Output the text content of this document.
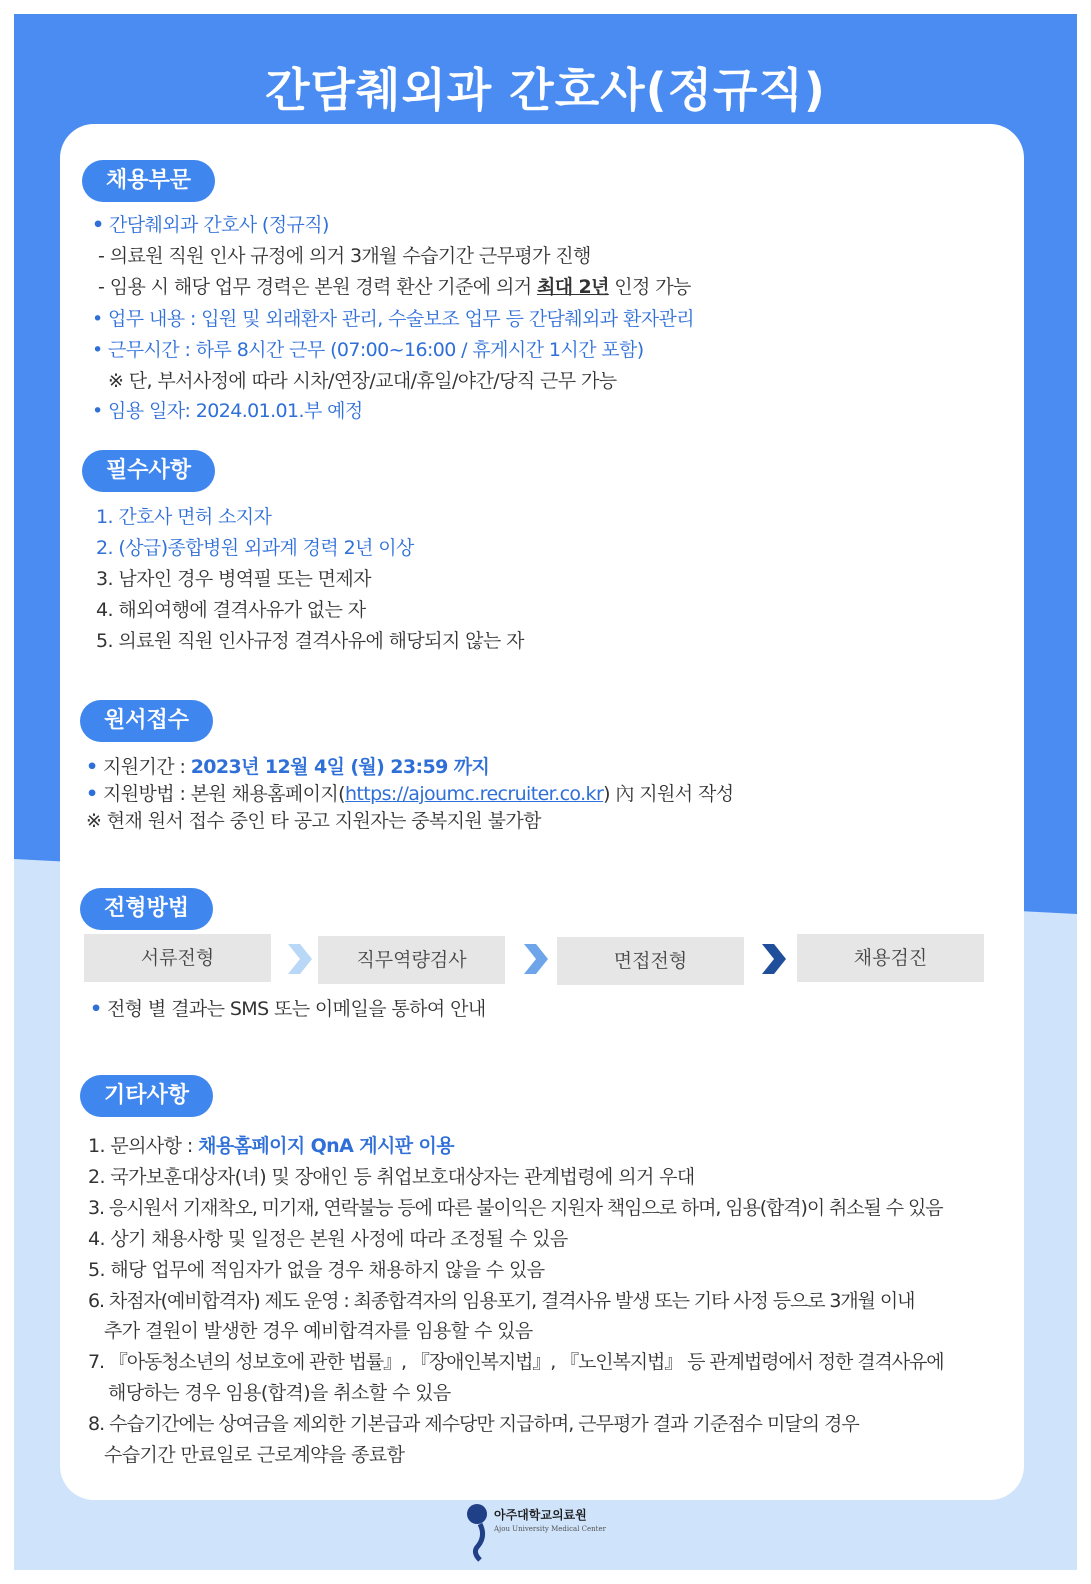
간담췌외과 간호사(정규직)
채용부문
• 간담췌외과 간호사 (정규직)
- 의료원 직원 인사 규정에 의거 3개월 수습기간 근무평가 진행
- 임용 시 해당 업무 경력은 본원 경력 환산 기준에 의거 최대 2년 인정 가능
• 업무 내용 : 입원 및 외래환자 관리, 수술보조 업무 등 간담췌외과 환자관리
• 근무시간 : 하루 8시간 근무 (07:00~16:00 / 휴게시간 1시간 포함)
※ 단, 부서사정에 따라 시차/연장/교대/휴일/야간/당직 근무 가능
• 임용 일자: 2024.01.01.부 예정
필수사항
1. 간호사 면허 소지자
2. (상급)종합병원 외과계 경력 2년 이상
3. 남자인 경우 병역필 또는 면제자
4. 해외여행에 결격사유가 없는 자
5. 의료원 직원 인사규정 결격사유에 해당되지 않는 자
원서접수
• 지원기간 : 2023년 12월 4일 (월) 23:59 까지
• 지원방법 : 본원 채용홈페이지(https://ajoumc.recruiter.co.kr) 內 지원서 작성
※ 현재 원서 접수 중인 타 공고 지원자는 중복지원 불가함
전형방법
서류전형	직무역량검사	면접전형	채용검진
• 전형 별 결과는 SMS 또는 이메일을 통하여 안내
기타사항
1. 문의사항 : 채용홈페이지 QnA 게시판 이용
2. 국가보훈대상자(녀) 및 장애인 등 취업보호대상자는 관계법령에 의거 우대
3. 응시원서 기재착오, 미기재, 연락불능 등에 따른 불이익은 지원자 책임으로 하며, 임용(합격)이 취소될 수 있음
4. 상기 채용사항 및 일정은 본원 사정에 따라 조정될 수 있음
5. 해당 업무에 적임자가 없을 경우 채용하지 않을 수 있음
6. 차점자(예비합격자) 제도 운영 : 최종합격자의 임용포기, 결격사유 발생 또는 기타 사정 등으로 3개월 이내
추가 결원이 발생한 경우 예비합격자를 임용할 수 있음
7. 『아동청소년의 성보호에 관한 법률』, 『장애인복지법』, 『노인복지법』 등 관계법령에서 정한 결격사유에
해당하는 경우 임용(합격)을 취소할 수 있음
8. 수습기간에는 상여금을 제외한 기본급과 제수당만 지급하며, 근무평가 결과 기준점수 미달의 경우
수습기간 만료일로 근로계약을 종료함
아주대학교의료원
Ajou University Medical Center
